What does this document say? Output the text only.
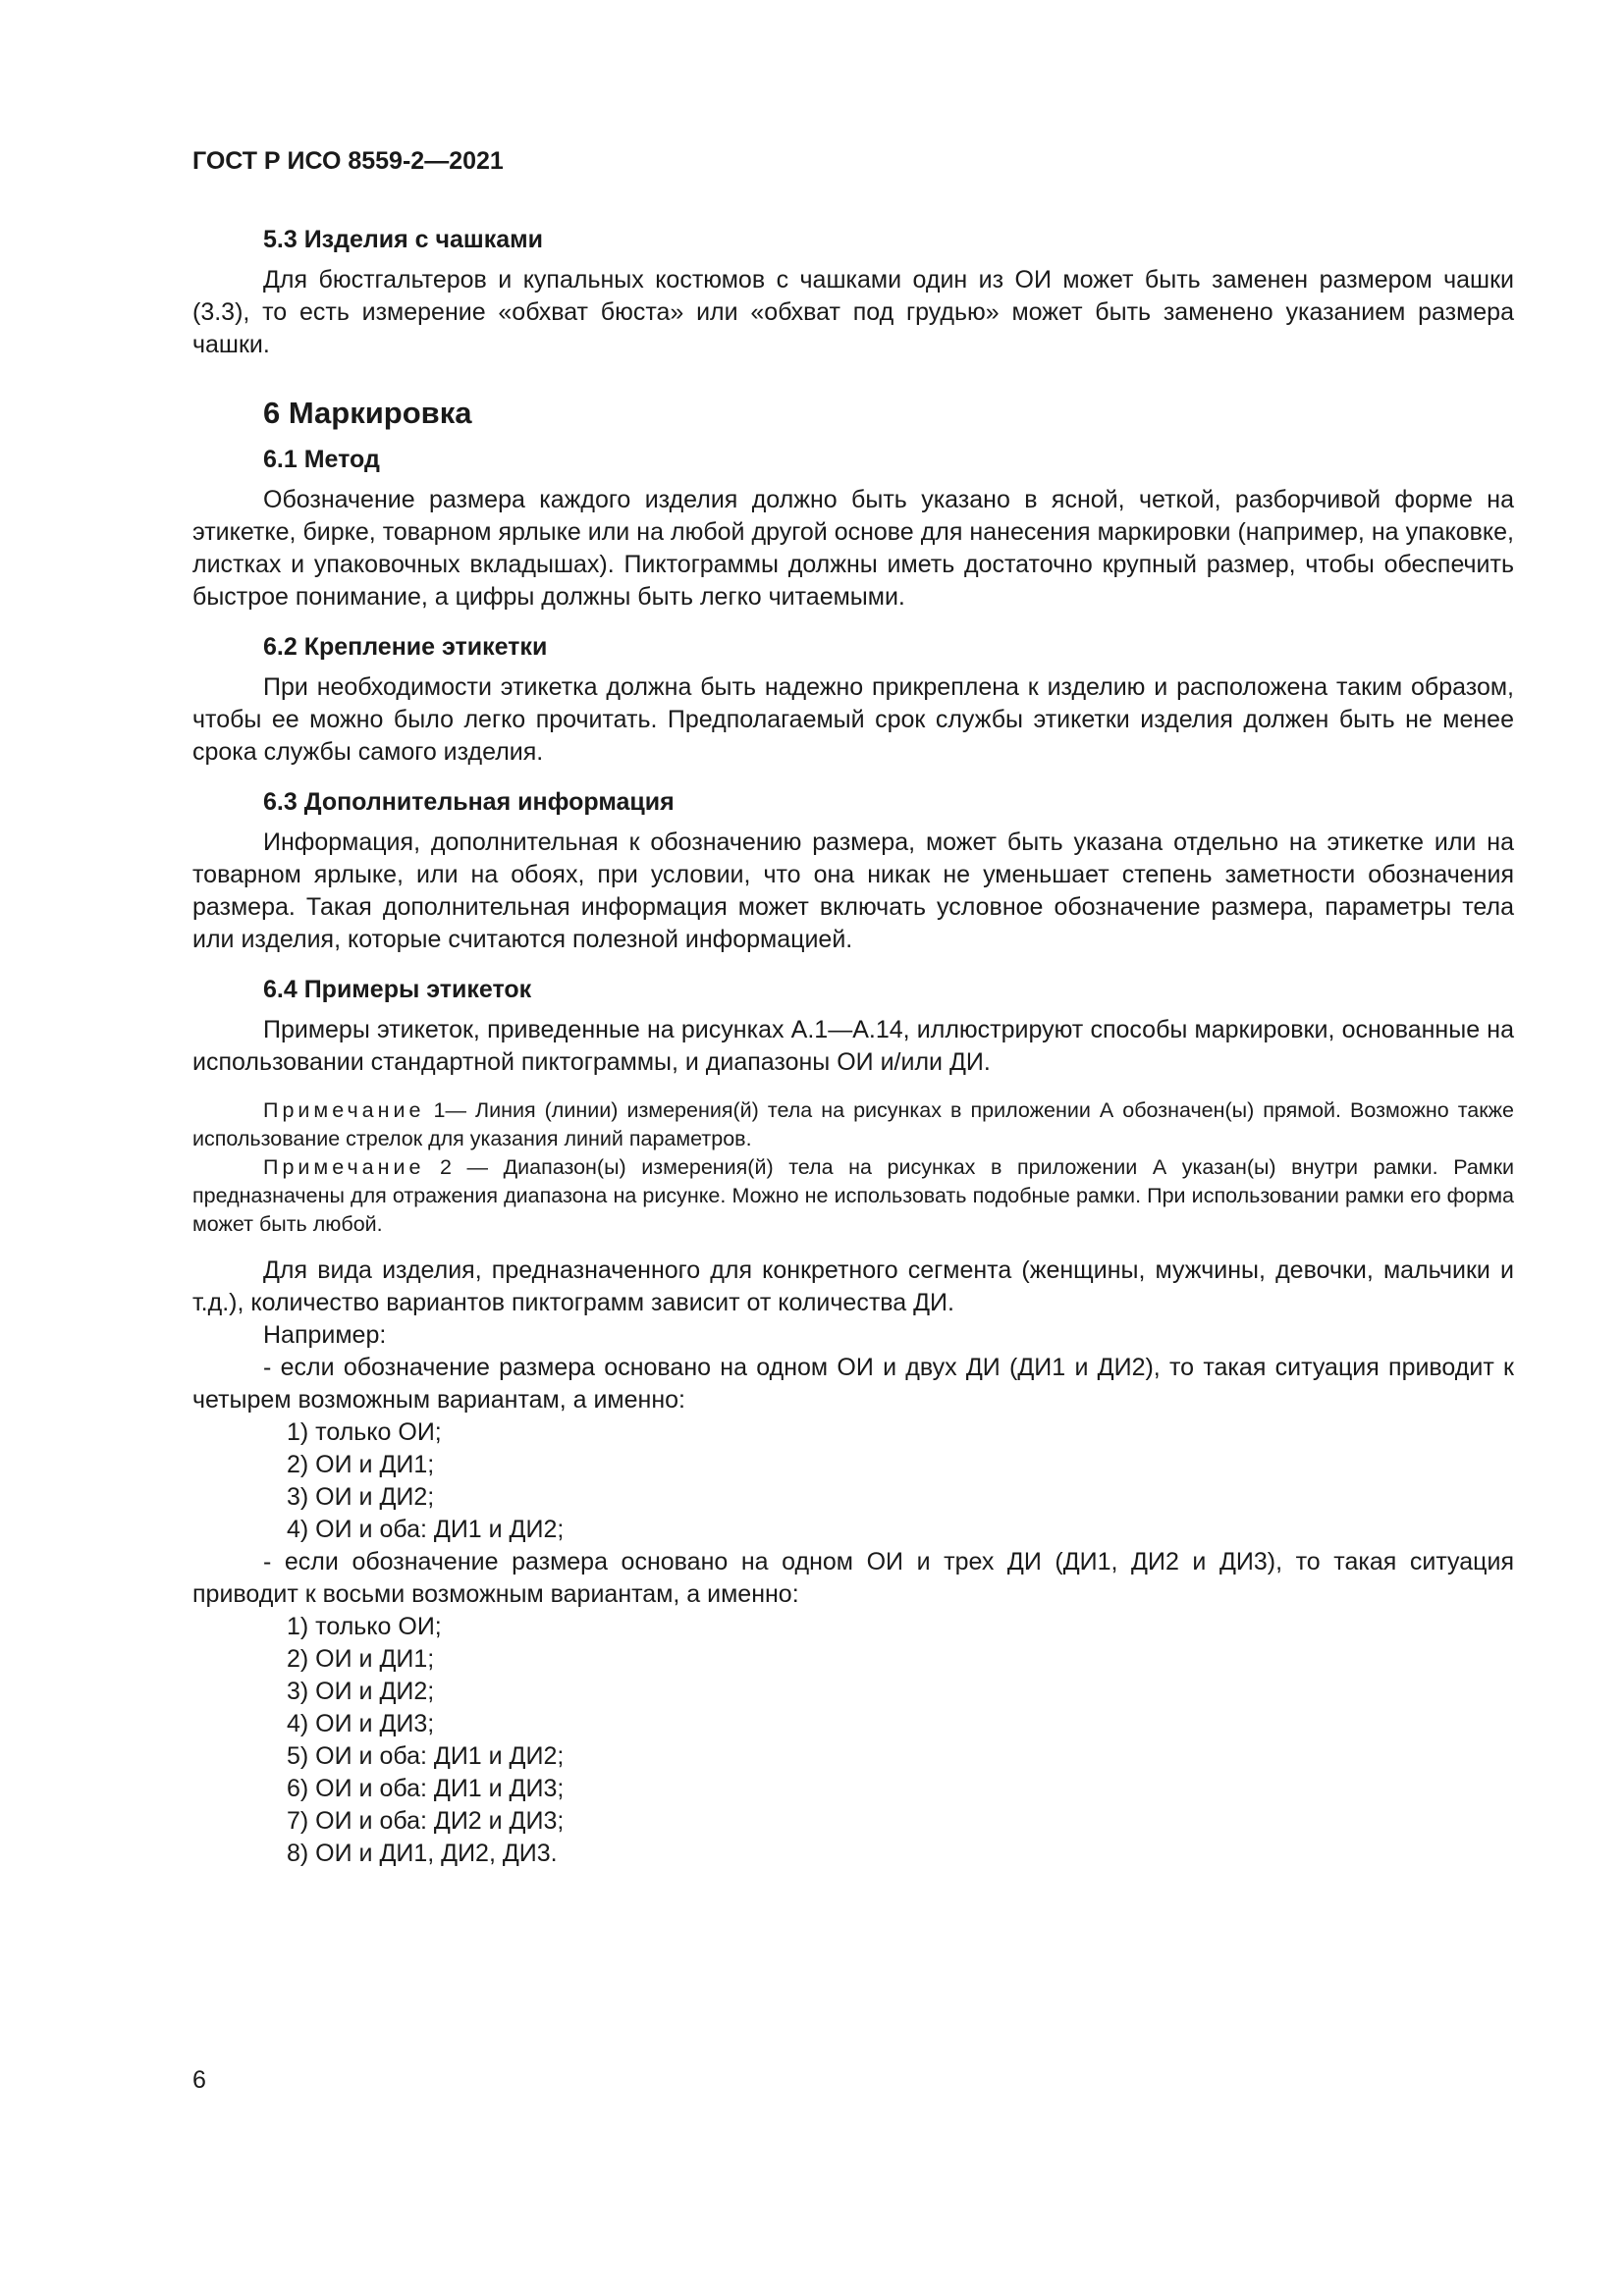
ГОСТ Р ИСО 8559-2—2021
5.3 Изделия с чашками

Для бюстгальтеров и купальных костюмов с чашками один из ОИ может быть заменен размером чашки (3.3), то есть измерение «обхват бюста» или «обхват под грудью» может быть заменено указанием размера чашки.

6 Маркировка
6.1 Метод

Обозначение размера каждого изделия должно быть указано в ясной, четкой, разборчивой форме на этикетке, бирке, товарном ярлыке или на любой другой основе для нанесения маркировки (например, на упаковке, листках и упаковочных вкладышах). Пиктограммы должны иметь достаточно крупный размер, чтобы обеспечить быстрое понимание, а цифры должны быть легко читаемыми.

6.2 Крепление этикетки

При необходимости этикетка должна быть надежно прикреплена к изделию и расположена таким образом, чтобы ее можно было легко прочитать. Предполагаемый срок службы этикетки изделия должен быть не менее срока службы самого изделия.

6.3 Дополнительная информация

Информация, дополнительная к обозначению размера, может быть указана отдельно на этикетке или на товарном ярлыке, или на обоях, при условии, что она никак не уменьшает степень заметности обозначения размера. Такая дополнительная информация может включать условное обозначение размера, параметры тела или изделия, которые считаются полезной информацией.

6.4 Примеры этикеток

Примеры этикеток, приведенные на рисунках А.1—А.14, иллюстрируют способы маркировки, основанные на использовании стандартной пиктограммы, и диапазоны ОИ и/или ДИ.

Примечание 1— Линия (линии) измерения(й) тела на рисунках в приложении А обозначен(ы) прямой. Возможно также использование стрелок для указания линий параметров.

Примечание 2 — Диапазон(ы) измерения(й) тела на рисунках в приложении А указан(ы) внутри рамки. Рамки предназначены для отражения диапазона на рисунке. Можно не использовать подобные рамки. При использовании рамки его форма может быть любой.

Для вида изделия, предназначенного для конкретного сегмента (женщины, мужчины, девочки, мальчики и т.д.), количество вариантов пиктограмм зависит от количества ДИ.

Например:

- если обозначение размера основано на одном ОИ и двух ДИ (ДИ1 и ДИ2), то такая ситуация приводит к четырем возможным вариантам, а именно:

1) только ОИ;
2) ОИ и ДИ1;
3) ОИ и ДИ2;
4) ОИ и оба: ДИ1 и ДИ2;

- если обозначение размера основано на одном ОИ и трех ДИ (ДИ1, ДИ2 и ДИ3), то такая ситуация приводит к восьми возможным вариантам, а именно:

1) только ОИ;
2) ОИ и ДИ1;
3) ОИ и ДИ2;
4) ОИ и ДИ3;
5) ОИ и оба: ДИ1 и ДИ2;
6) ОИ и оба: ДИ1 и ДИ3;
7) ОИ и оба: ДИ2 и ДИ3;
8) ОИ и ДИ1, ДИ2, ДИ3.
6
